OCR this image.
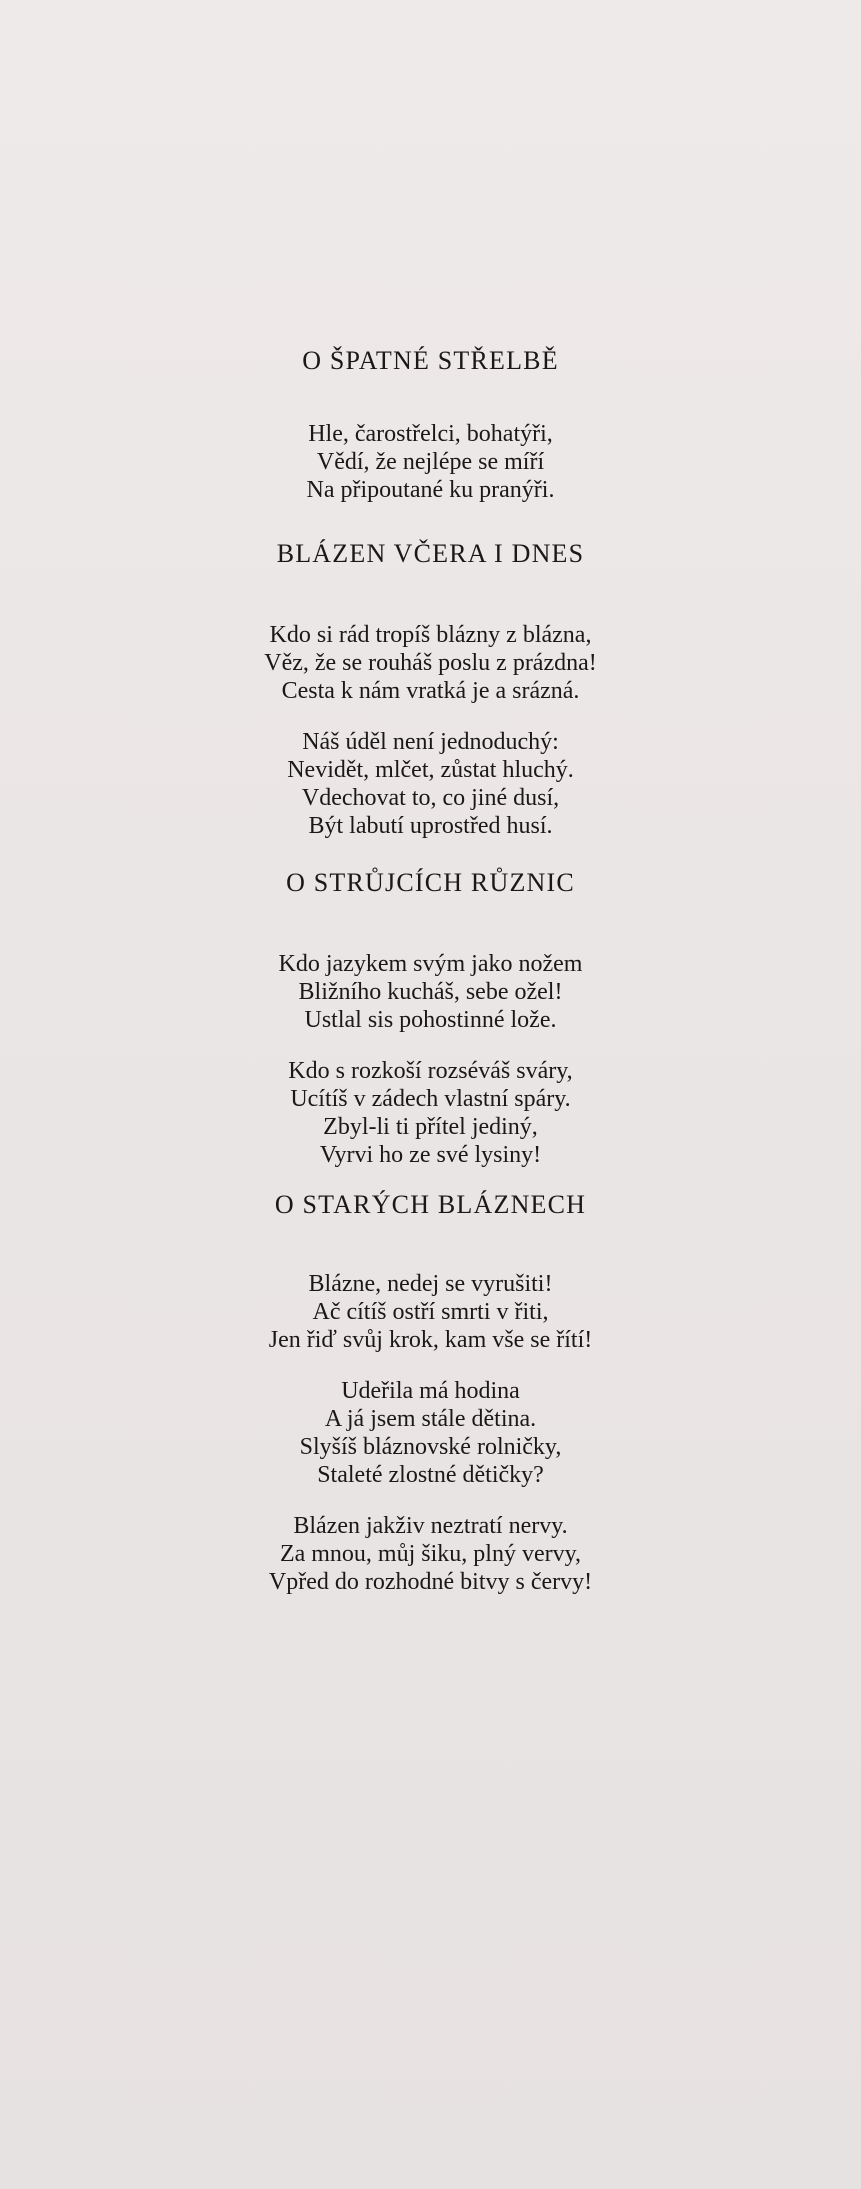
O ŠPATNÉ STŘELBĚ
Hle, čarostřelci, bohatýři,
Vědí, že nejlépe se míří
Na připoutané ku pranýři.
BLÁZEN VČERA I DNES
Kdo si rád tropíš blázny z blázna,
Věz, že se rouháš poslu z prázdna!
Cesta k nám vratká je a srázná.
Náš úděl není jednoduchý:
Nevidět, mlčet, zůstat hluchý.
Vdechovat to, co jiné dusí,
Být labutí uprostřed husí.
O STRŮJCÍCH RŮZNIC
Kdo jazykem svým jako nožem
Bližního kucháš, sebe ožel!
Ustlal sis pohostinné lože.
Kdo s rozkoší rozséváš sváry,
Ucítíš v zádech vlastní spáry.
Zbyl-li ti přítel jediný,
Vyrvi ho ze své lysiny!
O STARÝCH BLÁZNECH
Blázne, nedej se vyrušiti!
Ač cítíš ostří smrti v řiti,
Jen řiď svůj krok, kam vše se řítí!
Udeřila má hodina
A já jsem stále dětina.
Slyšíš bláznovské rolničky,
Staleté zlostné dětičky?
Blázen jakživ neztratí nervy.
Za mnou, můj šiku, plný vervy,
Vpřed do rozhodné bitvy s červy!
